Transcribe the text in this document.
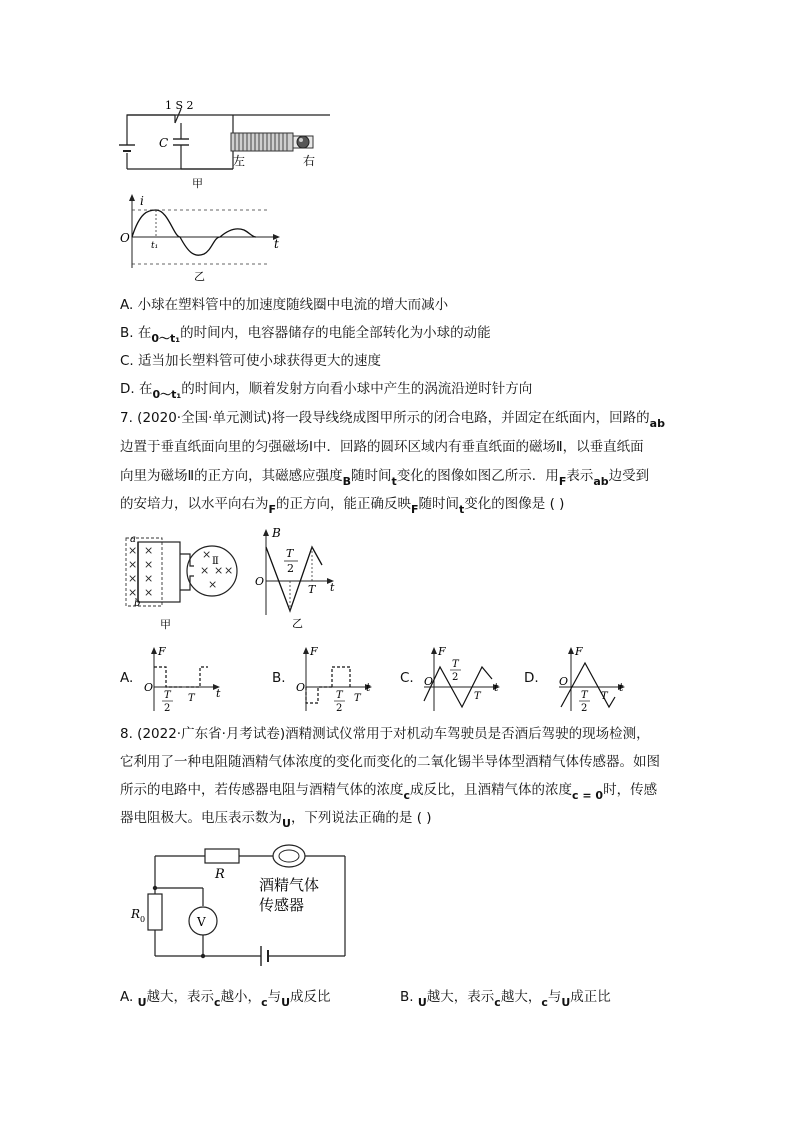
1 S 2
C
左	右
甲
i
t
O
t₁
乙
A. 小球在塑料管中的加速度随线圈中电流的增大而减小
B. 在$_{0\sim t_1}$的时间内，电容器储存的电能全部转化为小球的动能
C. 适当加长塑料管可使小球获得更大的速度
D. 在$_{0\sim t_1}$的时间内，顺着发射方向看小球中产生的涡流沿逆时针方向
7. (2020·全国·单元测试)将一段导线绕成图甲所示的闭合电路，并固定在纸面内，回路的$_{ab}$
边置于垂直纸面向里的匀强磁场Ⅰ中．回路的圆环区域内有垂直纸面的磁场Ⅱ，以垂直纸面
向里为磁场Ⅱ的正方向，其磁感应强度$_B$随时间$_t$变化的图像如图乙所示．用$_F$表示$_{ab}$边受到
的安培力，以水平向右为$_F$的正方向，能正确反映$_F$随时间$_t$变化的图像是 ( )
×
×
×
×
×
×
×
×
×
× × ×
×
Ⅱ
a
b
甲
B
t
O
T
2
T
乙
A.
F
t
O
T
2
T
B.
F
t
O
T
2
T
C.
F
t
O
T
2
T
D.
F
t
O
T
2
T
8. (2022·广东省·月考试卷)酒精测试仪常用于对机动车驾驶员是否酒后驾驶的现场检测，
它利用了一种电阻随酒精气体浓度的变化而变化的二氧化锡半导体型酒精气体传感器。如图
所示的电路中，若传感器电阻与酒精气体的浓度$_c$成反比，且酒精气体的浓度$_{c = 0}$时，传感
器电阻极大。电压表示数为$_U$，下列说法正确的是 ( )
R
R 0	V
酒精气体
传感器
A. $_U$越大，表示$_c$越小，$_c$与$_U$成反比	B. $_U$越大，表示$_c$越大，$_c$与$_U$成正比
